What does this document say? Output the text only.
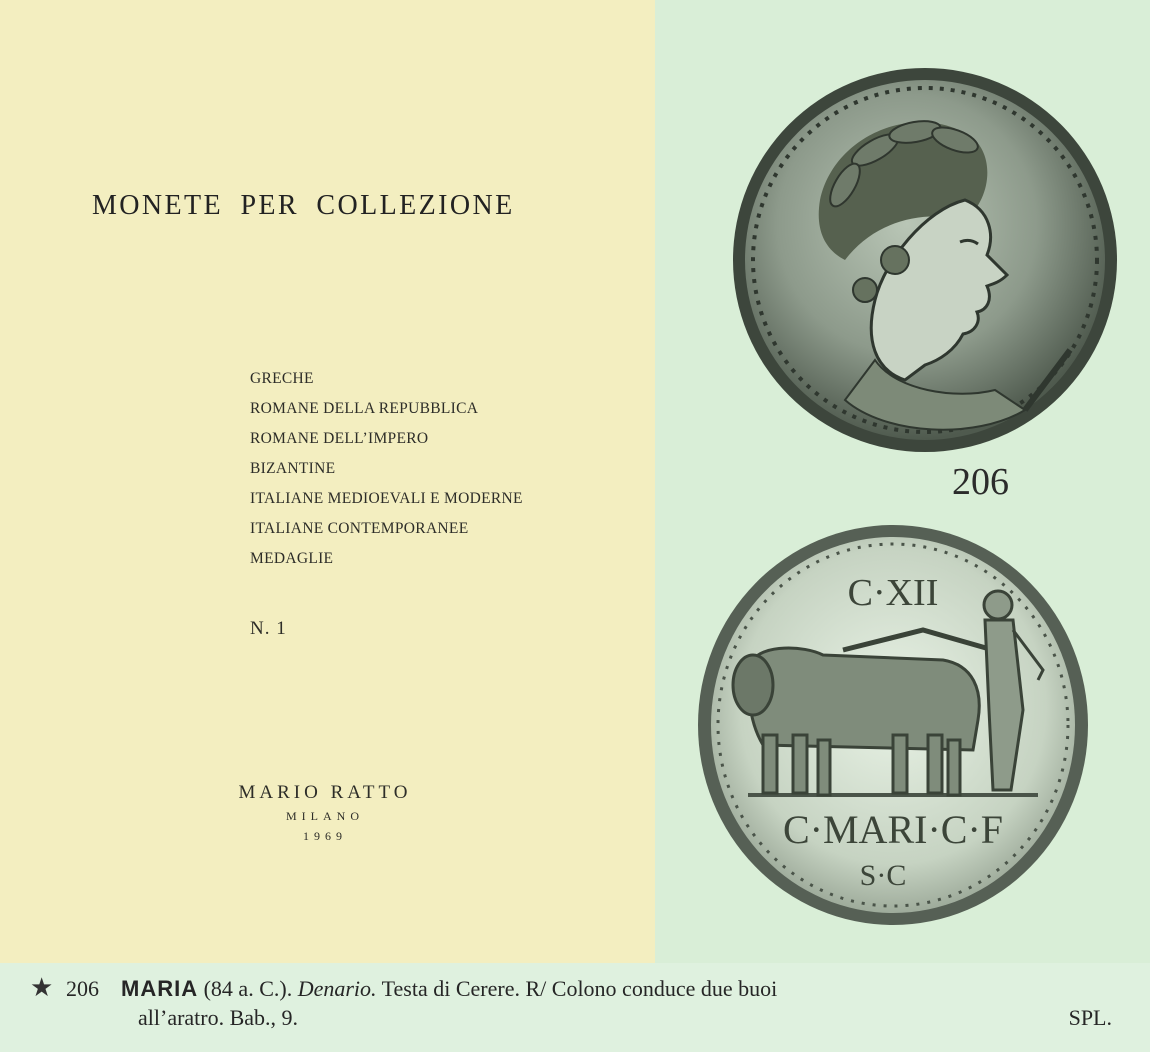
MONETE PER COLLEZIONE
GRECHE
ROMANE DELLA REPUBBLICA
ROMANE DELL’IMPERO
BIZANTINE
ITALIANE MEDIOEVALI E MODERNE
ITALIANE CONTEMPORANEE
MEDAGLIE
N. 1
MARIO RATTO
MILANO
1969
206
C·XII
C·MARI·C·F
S·C
★ 206 MARIA (84 a. C.). Denario. Testa di Cerere. R/ Colono conduce due buoi
all’aratro. Bab., 9.	SPL.
